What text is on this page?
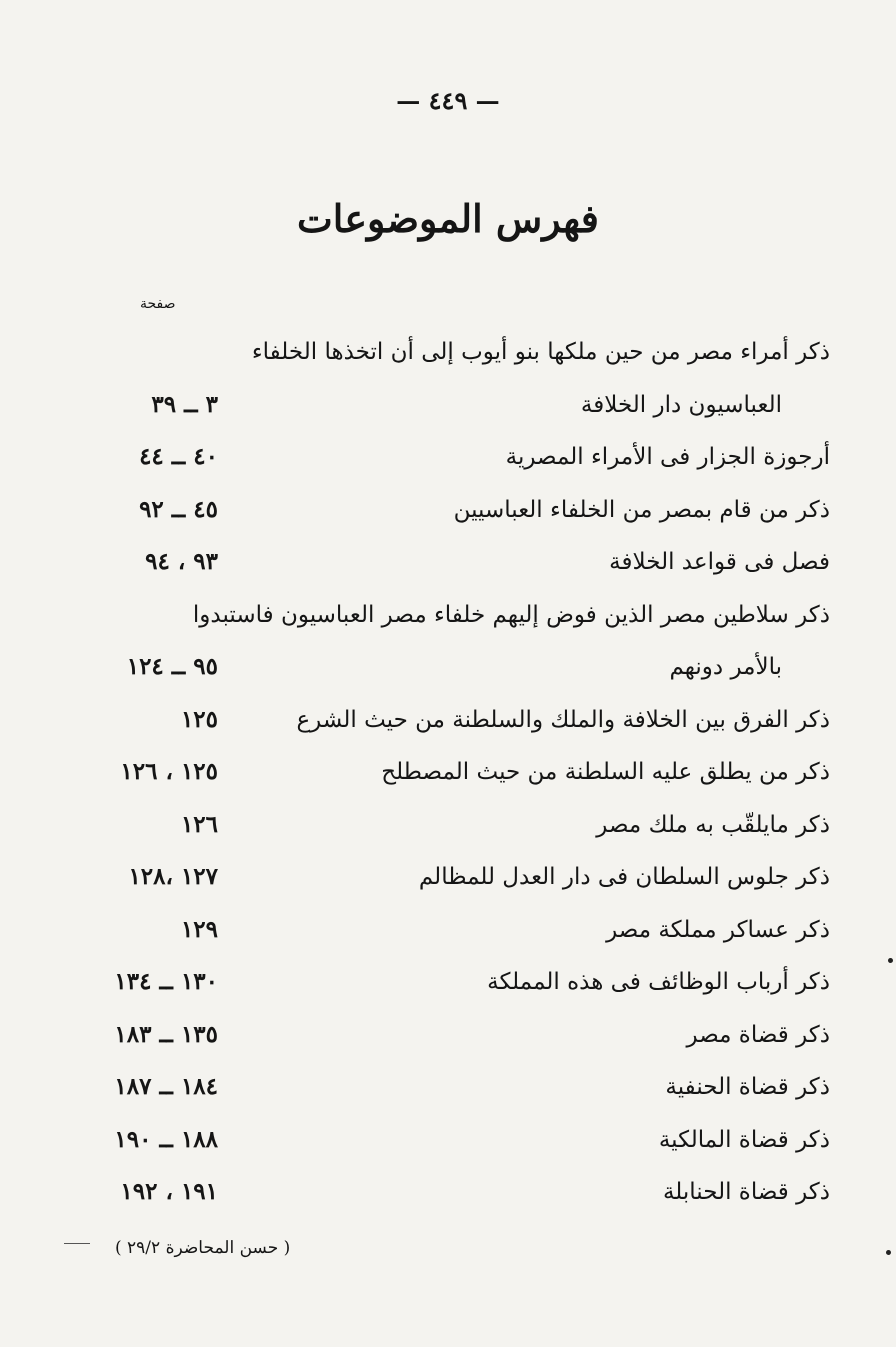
— ٤٤٩ —
فهرس الموضوعات
صفحة
ذكر أمراء مصر من حين ملكها بنو أيوب إلى أن اتخذها الخلفاء
العباسيون دار الخلافة
٣ ــ ٣٩
أرجوزة الجزار فى الأمراء المصرية
٤٠ ــ ٤٤
ذكر من قام بمصر من الخلفاء العباسيين
٤٥ ــ ٩٢
فصل فى قواعد الخلافة
٩٣ ، ٩٤
ذكر سلاطين مصر الذين فوض إليهم خلفاء مصر العباسيون فاستبدوا
بالأمر دونهم
٩٥ ــ ١٢٤
ذكر الفرق بين الخلافة والملك والسلطنة من حيث الشرع
١٢٥
ذكر من يطلق عليه السلطنة من حيث المصطلح
١٢٥ ، ١٢٦
ذكر مايلقّب به ملك مصر
١٢٦
ذكر جلوس السلطان فى دار العدل للمظالم
١٢٧ ،١٢٨
ذكر عساكر مملكة مصر
١٢٩
ذكر أرباب الوظائف فى هذه المملكة
١٣٠ ــ ١٣٤
ذكر قضاة مصر
١٣٥ ــ ١٨٣
ذكر قضاة الحنفية
١٨٤ ــ ١٨٧
ذكر قضاة المالكية
١٨٨ ــ ١٩٠
ذكر قضاة الحنابلة
١٩١ ، ١٩٢
( حسن المحاضرة ٢٩/٢ )
